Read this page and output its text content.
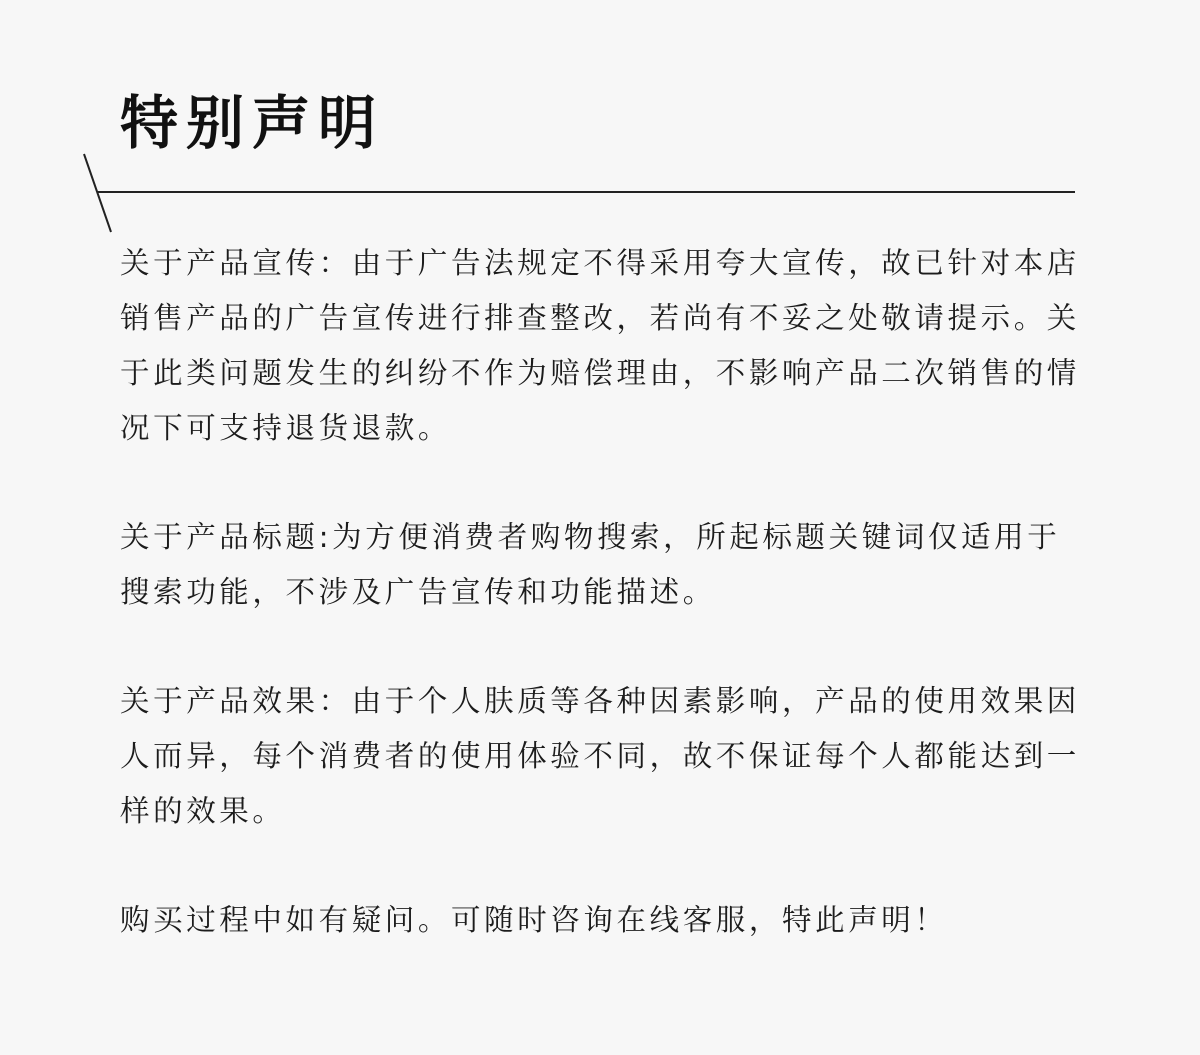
特别声明

关于产品宣传：由于广告法规定不得采用夸大宣传，故已针对本店销售产品的广告宣传进行排查整改，若尚有不妥之处敬请提示。关于此类问题发生的纠纷不作为赔偿理由，不影响产品二次销售的情况下可支持退货退款。

关于产品标题:为方便消费者购物搜索，所起标题关键词仅适用于搜索功能，不涉及广告宣传和功能描述。

关于产品效果：由于个人肤质等各种因素影响，产品的使用效果因人而异，每个消费者的使用体验不同，故不保证每个人都能达到一样的效果。

购买过程中如有疑问。可随时咨询在线客服，特此声明！
